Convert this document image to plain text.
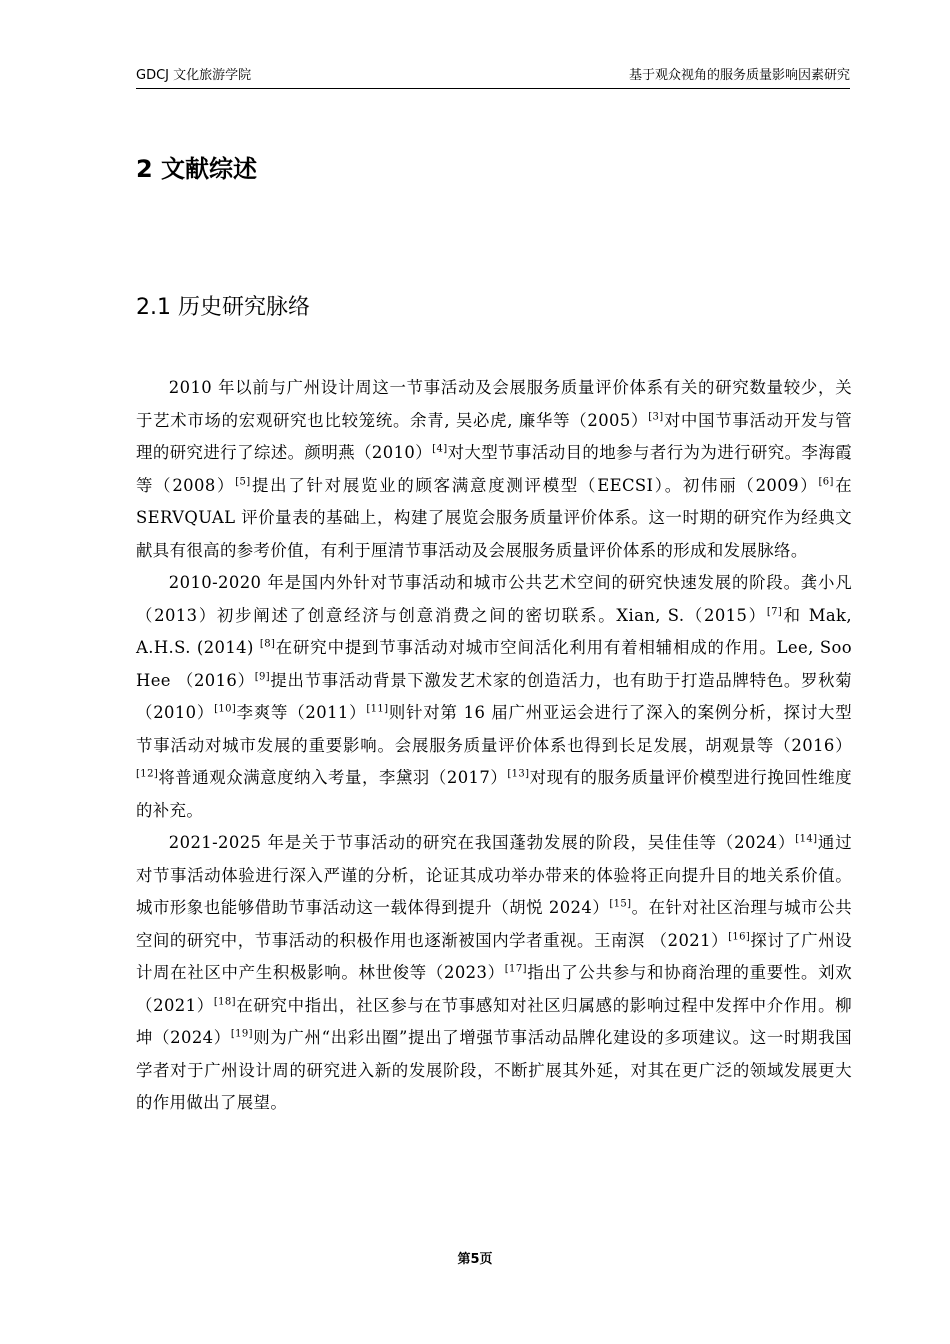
GDCJ 文化旅游学院	基于观众视角的服务质量影响因素研究
2 文献综述
2.1 历史研究脉络

2010 年以前与广州设计周这一节事活动及会展服务质量评价体系有关的研究数量较少，关于艺术市场的宏观研究也比较笼统。余青, 吴必虎, 廉华等（2005）[3]对中国节事活动开发与管理的研究进行了综述。颜明燕（2010）[4]对大型节事活动目的地参与者行为为进行研究。李海霞等（2008）[5]提出了针对展览业的顾客满意度测评模型（EECSI）。初伟丽（2009）[6]在 SERVQUAL 评价量表的基础上，构建了展览会服务质量评价体系。这一时期的研究作为经典文献具有很高的参考价值，有利于厘清节事活动及会展服务质量评价体系的形成和发展脉络。

2010-2020 年是国内外针对节事活动和城市公共艺术空间的研究快速发展的阶段。龚小凡（2013）初步阐述了创意经济与创意消费之间的密切联系。Xian, S.（2015）[7]和 Mak, A.H.S. (2014) [8]在研究中提到节事活动对城市空间活化利用有着相辅相成的作用。Lee, Soo Hee （2016）[9]提出节事活动背景下激发艺术家的创造活力，也有助于打造品牌特色。罗秋菊（2010）[10]李爽等（2011）[11]则针对第 16 届广州亚运会进行了深入的案例分析，探讨大型节事活动对城市发展的重要影响。会展服务质量评价体系也得到长足发展，胡观景等（2016）[12]将普通观众满意度纳入考量，李黛羽（2017）[13]对现有的服务质量评价模型进行挽回性维度的补充。

2021-2025 年是关于节事活动的研究在我国蓬勃发展的阶段，吴佳佳等（2024）[14]通过对节事活动体验进行深入严谨的分析，论证其成功举办带来的体验将正向提升目的地关系价值。城市形象也能够借助节事活动这一载体得到提升（胡悦 2024）[15]。在针对社区治理与城市公共空间的研究中，节事活动的积极作用也逐渐被国内学者重视。王南溟 （2021）[16]探讨了广州设计周在社区中产生积极影响。林世俊等（2023）[17]指出了公共参与和协商治理的重要性。刘欢（2021）[18]在研究中指出，社区参与在节事感知对社区归属感的影响过程中发挥中介作用。柳坤（2024）[19]则为广州“出彩出圈”提出了增强节事活动品牌化建设的多项建议。这一时期我国学者对于广州设计周的研究进入新的发展阶段，不断扩展其外延，对其在更广泛的领域发展更大的作用做出了展望。

第5页
